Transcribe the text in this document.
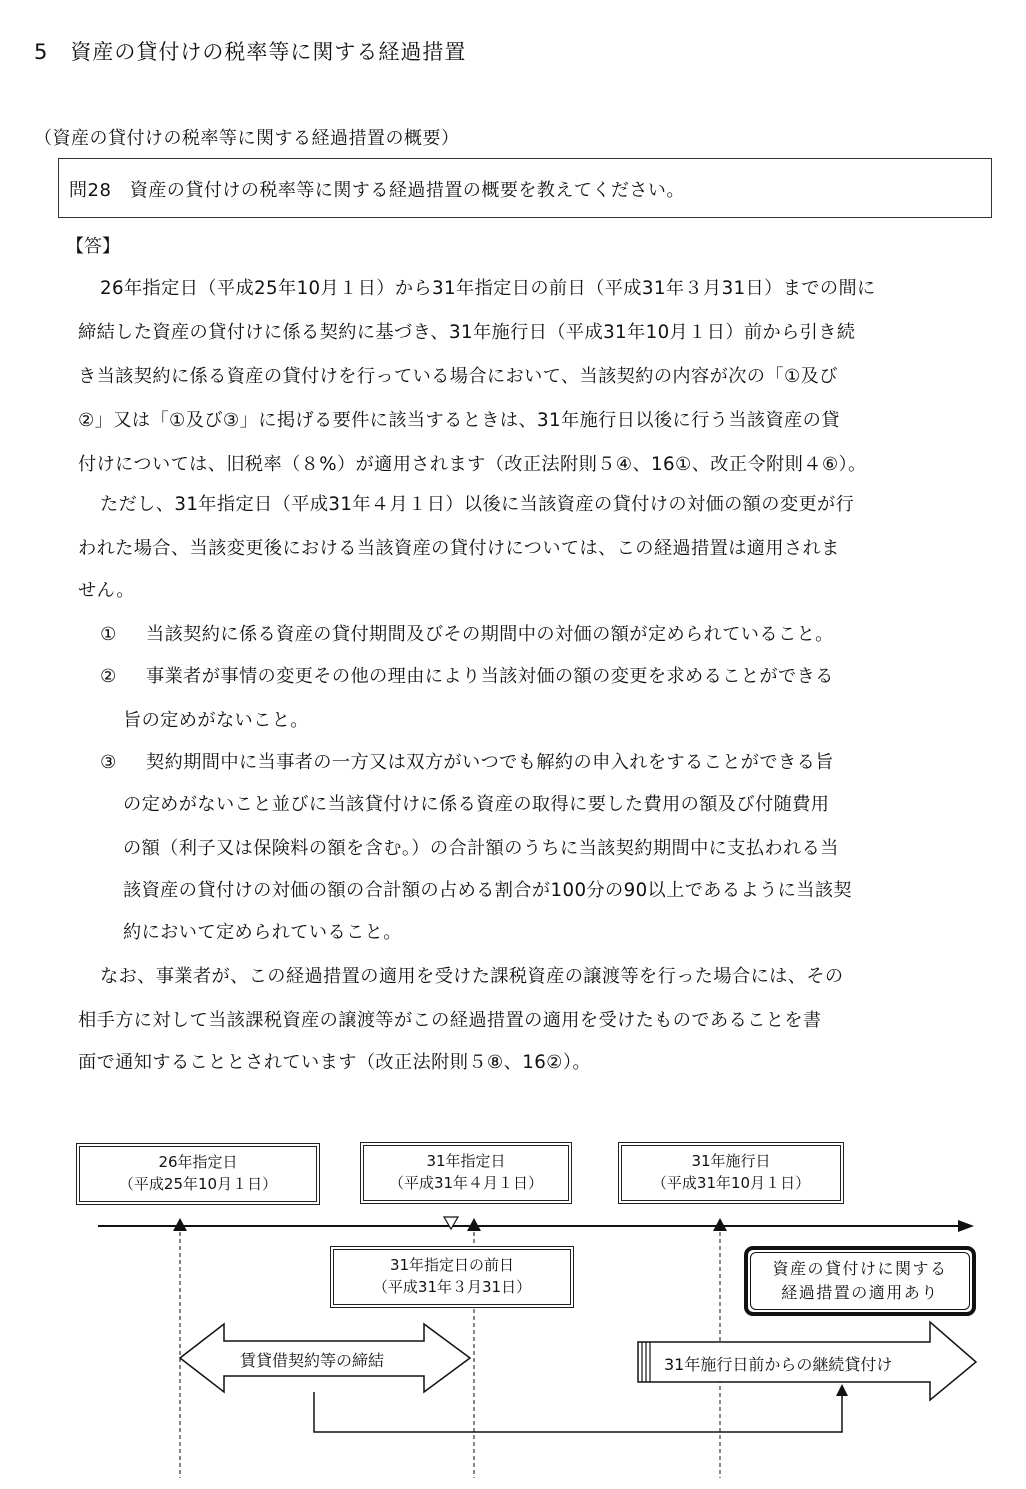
5　資産の貸付けの税率等に関する経過措置
（資産の貸付けの税率等に関する経過措置の概要）
問28　資産の貸付けの税率等に関する経過措置の概要を教えてください。
【答】
26年指定日（平成25年10月１日）から31年指定日の前日（平成31年３月31日）までの間に
締結した資産の貸付けに係る契約に基づき、31年施行日（平成31年10月１日）前から引き続
き当該契約に係る資産の貸付けを行っている場合において、当該契約の内容が次の「①及び
②」又は「①及び③」に掲げる要件に該当するときは、31年施行日以後に行う当該資産の貸
付けについては、旧税率（８%）が適用されます（改正法附則５④、16①、改正令附則４⑥）。
ただし、31年指定日（平成31年４月１日）以後に当該資産の貸付けの対価の額の変更が行
われた場合、当該変更後における当該資産の貸付けについては、この経過措置は適用されま
せん。
① 当該契約に係る資産の貸付期間及びその期間中の対価の額が定められていること。
② 事業者が事情の変更その他の理由により当該対価の額の変更を求めることができる
旨の定めがないこと。
③ 契約期間中に当事者の一方又は双方がいつでも解約の申入れをすることができる旨
の定めがないこと並びに当該貸付けに係る資産の取得に要した費用の額及び付随費用
の額（利子又は保険料の額を含む。）の合計額のうちに当該契約期間中に支払われる当
該資産の貸付けの対価の額の合計額の占める割合が100分の90以上であるように当該契
約において定められていること。
なお、事業者が、この経過措置の適用を受けた課税資産の譲渡等を行った場合には、その
相手方に対して当該課税資産の譲渡等がこの経過措置の適用を受けたものであることを書
面で通知することとされています（改正法附則５⑧、16②）。
26年指定日
（平成25年10月１日）
31年指定日
（平成31年４月１日）
31年施行日
（平成31年10月１日）
31年指定日の前日
（平成31年３月31日）
資産の貸付けに関する
経過措置の適用あり
賃貸借契約等の締結	31年施行日前からの継続貸付け
